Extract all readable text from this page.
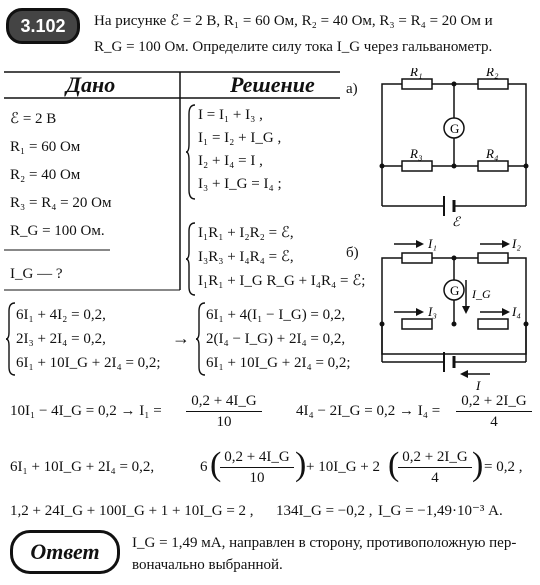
3.102	На рисунке ℰ = 2 В, R₁ = 60 Ом, R₂ = 40 Ом, R₃ = R₄ = 20 Ом и
R_G = 100 Ом. Определите силу тока I_G через гальванометр.
Дано	Решение
ℰ = 2 В
R₁ = 60 Ом
R₂ = 40 Ом
R₃ = R₄ = 20 Ом
R_G = 100 Ом.
I_G — ?
I = I₁ + I₃ ,
I₁ = I₂ + I_G ,
I₂ + I₄ = I ,
I₃ + I_G = I₄ ;
I₁R₁ + I₂R₂ = ℰ,
I₃R₃ + I₄R₄ = ℰ,
I₁R₁ + I_G R_G + I₄R₄ = ℰ;
6I₁ + 4I₂ = 0,2,
2I₃ + 2I₄ = 0,2,
6I₁ + 10I_G + 2I₄ = 0,2;
→
6I₁ + 4(I₁ − I_G) = 0,2,
2(I₄ − I_G) + 2I₄ = 0,2,
6I₁ + 10I_G + 2I₄ = 0,2;
10I₁ − 4I_G = 0,2 → I₁ =
0,2 + 4I_G
10
4I₄ − 2I_G = 0,2 → I₄ =
0,2 + 2I_G
4
6I₁ + 10I_G + 2I₄ = 0,2,	6 ( 0,2 + 4I_G
10 ) + 10I_G + 2 ( 0,2 + 2I_G
4 ) = 0,2 ,
1,2 + 24I_G + 100I_G + 1 + 10I_G = 2 , 134I_G = −0,2 , I_G = −1,49·10⁻³ А.
Ответ	I_G = 1,49 мА, направлен в сторону, противоположную пер-
воначально выбранной.
а)
G
R₁	R₂
R₃	R₄
ℰ
б)
G
I₁	I₂
I₃	I₄
I_G
I
